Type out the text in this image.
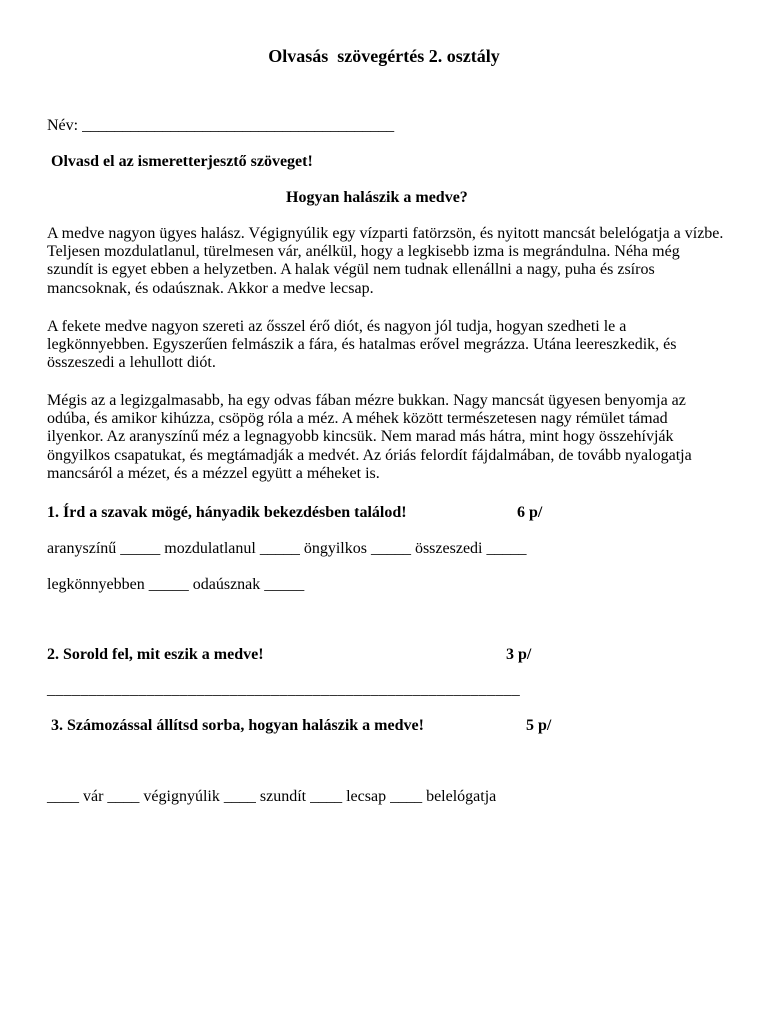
Olvasás  szövegértés 2. osztály
Név: _______________________________________
Olvasd el az ismeretterjesztő szöveget!
Hogyan halászik a medve?
A medve nagyon ügyes halász. Végignyúlik egy vízparti fatörzsön, és nyitott mancsát belelógatja a vízbe. Teljesen mozdulatlanul, türelmesen vár, anélkül, hogy a legkisebb izma is megrándulna. Néha még szundít is egyet ebben a helyzetben. A halak végül nem tudnak ellenállni a nagy, puha és zsíros mancsoknak, és odaúsznak. Akkor a medve lecsap.
A fekete medve nagyon szereti az ősszel érő diót, és nagyon jól tudja, hogyan szedheti le a legkönnyebben. Egyszerűen felmászik a fára, és hatalmas erővel megrázza. Utána leereszkedik, és összeszedi a lehullott diót.
Mégis az a legizgalmasabb, ha egy odvas fában mézre bukkan. Nagy mancsát ügyesen benyomja az odúba, és amikor kihúzza, csöpög róla a méz. A méhek között természetesen nagy rémület támad ilyenkor. Az aranyszínű méz a legnagyobb kincsük. Nem marad más hátra, mint hogy összehívják öngyilkos csapatukat, és megtámadják a medvét. Az óriás felordít fájdalmában, de tovább nyalogatja mancsáról a mézet, és a mézzel együtt a méheket is.
1. Írd a szavak mögé, hányadik bekezdésben találod!	6 p/
aranyszínű _____ mozdulatlanul _____ öngyilkos _____ összeszedi _____
legkönnyebben _____ odaúsznak _____
2. Sorold fel, mit eszik a medve!	3 p/
_________________________________________________________
3. Számozással állítsd sorba, hogyan halászik a medve!	5 p/
____ vár ____ végignyúlik ____ szundít ____ lecsap ____ belelógatja
